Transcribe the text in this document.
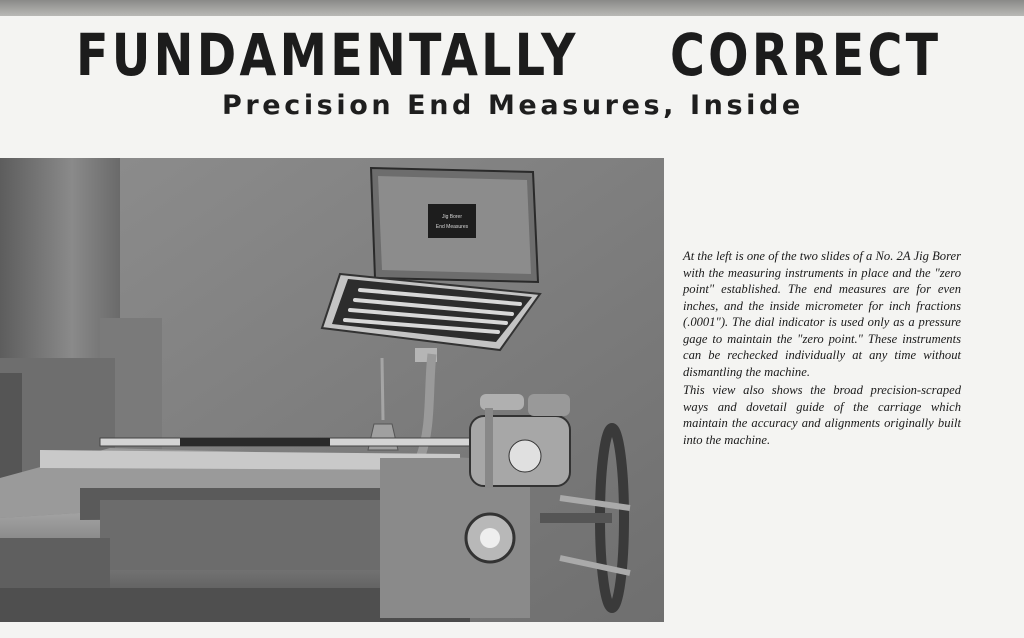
FUNDAMENTALLY CORRECT
Precision End Measures, Inside
Jig Borer
End Measures

At the left is one of the two slides of a No. 2A Jig Borer with the measuring instruments in place and the "zero point" established. The end measures are for even inches, and the inside micrometer for inch fractions (.0001"). The dial indicator is used only as a pressure gage to maintain the "zero point." These instruments can be rechecked individually at any time without dismantling the machine.

This view also shows the broad precision-scraped ways and dovetail guide of the carriage which maintain the accuracy and alignments originally built into the machine.
